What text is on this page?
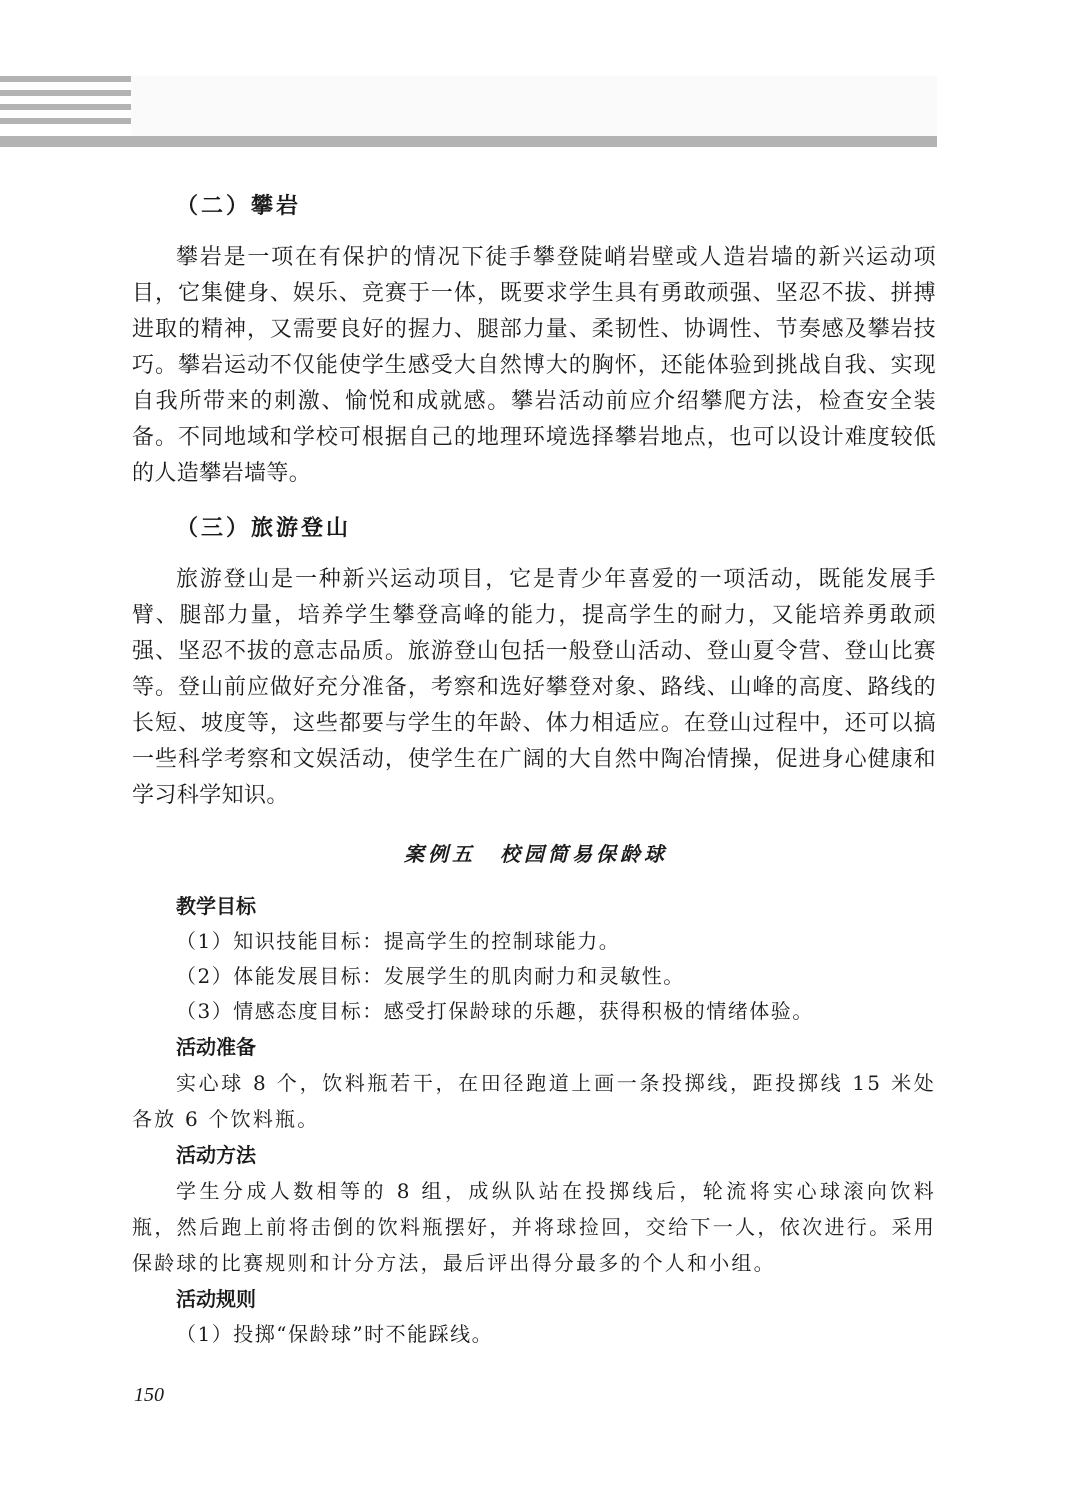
（二）攀岩

攀岩是一项在有保护的情况下徒手攀登陡峭岩壁或人造岩墙的新兴运动项目，它集健身、娱乐、竞赛于一体，既要求学生具有勇敢顽强、坚忍不拔、拼搏进取的精神，又需要良好的握力、腿部力量、柔韧性、协调性、节奏感及攀岩技巧。攀岩运动不仅能使学生感受大自然博大的胸怀，还能体验到挑战自我、实现自我所带来的刺激、愉悦和成就感。攀岩活动前应介绍攀爬方法，检查安全装备。不同地域和学校可根据自己的地理环境选择攀岩地点，也可以设计难度较低的人造攀岩墙等。

（三）旅游登山

旅游登山是一种新兴运动项目，它是青少年喜爱的一项活动，既能发展手臂、腿部力量，培养学生攀登高峰的能力，提高学生的耐力，又能培养勇敢顽强、坚忍不拔的意志品质。旅游登山包括一般登山活动、登山夏令营、登山比赛等。登山前应做好充分准备，考察和选好攀登对象、路线、山峰的高度、路线的长短、坡度等，这些都要与学生的年龄、体力相适应。在登山过程中，还可以搞一些科学考察和文娱活动，使学生在广阔的大自然中陶冶情操，促进身心健康和学习科学知识。

案例五　校园简易保龄球
教学目标

（1）知识技能目标：提高学生的控制球能力。

（2）体能发展目标：发展学生的肌肉耐力和灵敏性。

（3）情感态度目标：感受打保龄球的乐趣，获得积极的情绪体验。

活动准备

实心球 8 个，饮料瓶若干，在田径跑道上画一条投掷线，距投掷线 15 米处各放 6 个饮料瓶。

活动方法

学生分成人数相等的 8 组，成纵队站在投掷线后，轮流将实心球滚向饮料瓶，然后跑上前将击倒的饮料瓶摆好，并将球捡回，交给下一人，依次进行。采用保龄球的比赛规则和计分方法，最后评出得分最多的个人和小组。

活动规则

（1）投掷“保龄球”时不能踩线。

150
